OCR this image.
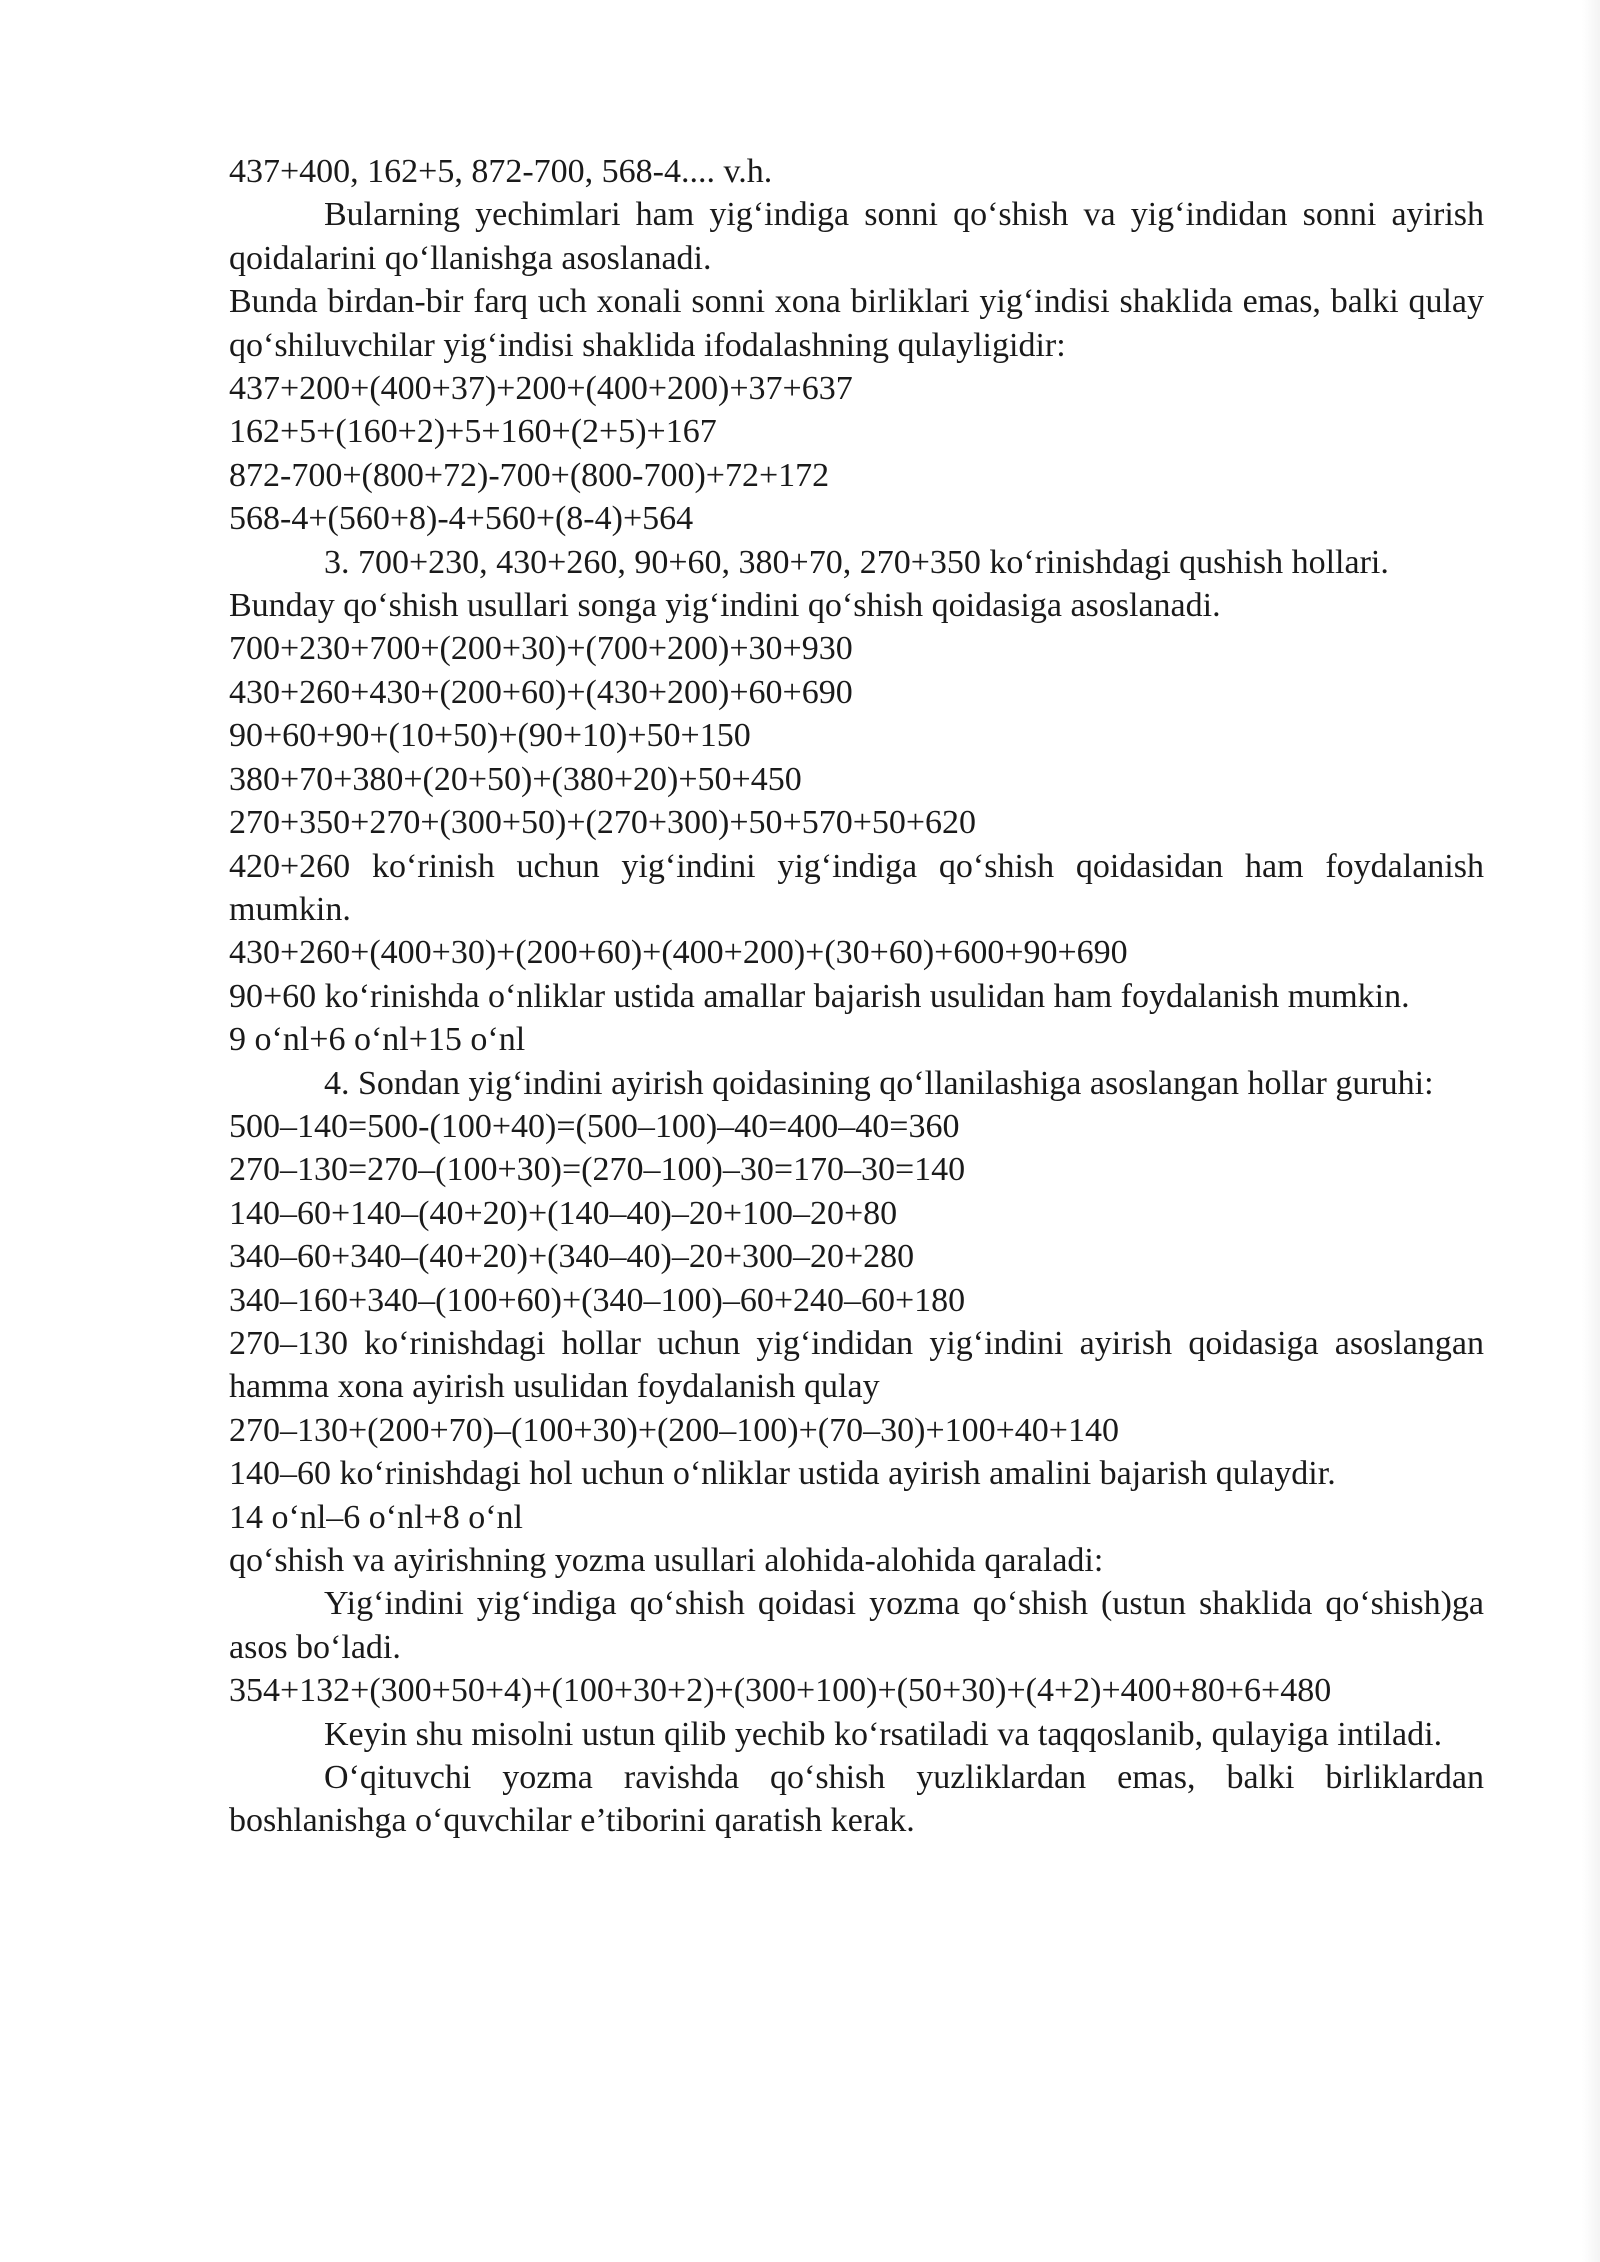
437+400, 162+5, 872-700, 568-4.... v.h.

Bularning yechimlari ham yig‘indiga sonni qo‘shish va yig‘indidan sonni ayirish qoidalarini qo‘llanishga asoslanadi.

Bunda birdan-bir farq uch xonali sonni xona birliklari yig‘indisi shaklida emas, balki qulay qo‘shiluvchilar yig‘indisi shaklida ifodalashning qulayligidir:

437+200+(400+37)+200+(400+200)+37+637

162+5+(160+2)+5+160+(2+5)+167

872-700+(800+72)-700+(800-700)+72+172

568-4+(560+8)-4+560+(8-4)+564

3. 700+230, 430+260, 90+60, 380+70, 270+350 ko‘rinishdagi qushish hollari.

Bunday qo‘shish usullari songa yig‘indini qo‘shish qoidasiga asoslanadi.

700+230+700+(200+30)+(700+200)+30+930

430+260+430+(200+60)+(430+200)+60+690

90+60+90+(10+50)+(90+10)+50+150

380+70+380+(20+50)+(380+20)+50+450

270+350+270+(300+50)+(270+300)+50+570+50+620

420+260 ko‘rinish uchun yig‘indini yig‘indiga qo‘shish qoidasidan ham foydalanish mumkin.

430+260+(400+30)+(200+60)+(400+200)+(30+60)+600+90+690

90+60 ko‘rinishda o‘nliklar ustida amallar bajarish usulidan ham foydalanish mumkin.

9 o‘nl+6 o‘nl+15 o‘nl

4. Sondan yig‘indini ayirish qoidasining qo‘llanilashiga asoslangan hollar guruhi:

500–140=500-(100+40)=(500–100)–40=400–40=360

270–130=270–(100+30)=(270–100)–30=170–30=140

140–60+140–(40+20)+(140–40)–20+100–20+80

340–60+340–(40+20)+(340–40)–20+300–20+280

340–160+340–(100+60)+(340–100)–60+240–60+180

270–130 ko‘rinishdagi hollar uchun yig‘indidan yig‘indini ayirish qoidasiga asoslangan hamma xona ayirish usulidan foydalanish qulay

270–130+(200+70)–(100+30)+(200–100)+(70–30)+100+40+140

140–60 ko‘rinishdagi hol uchun o‘nliklar ustida ayirish amalini bajarish qulaydir.

14 o‘nl–6 o‘nl+8 o‘nl

qo‘shish va ayirishning yozma usullari alohida-alohida qaraladi:

Yig‘indini yig‘indiga qo‘shish qoidasi yozma qo‘shish (ustun shaklida qo‘shish)ga asos bo‘ladi.

354+132+(300+50+4)+(100+30+2)+(300+100)+(50+30)+(4+2)+400+80+6+480

Keyin shu misolni ustun qilib yechib ko‘rsatiladi va taqqoslanib, qulayiga intiladi.

O‘qituvchi yozma ravishda qo‘shish yuzliklardan emas, balki birliklardan boshlanishga o‘quvchilar e’tiborini qaratish kerak.
